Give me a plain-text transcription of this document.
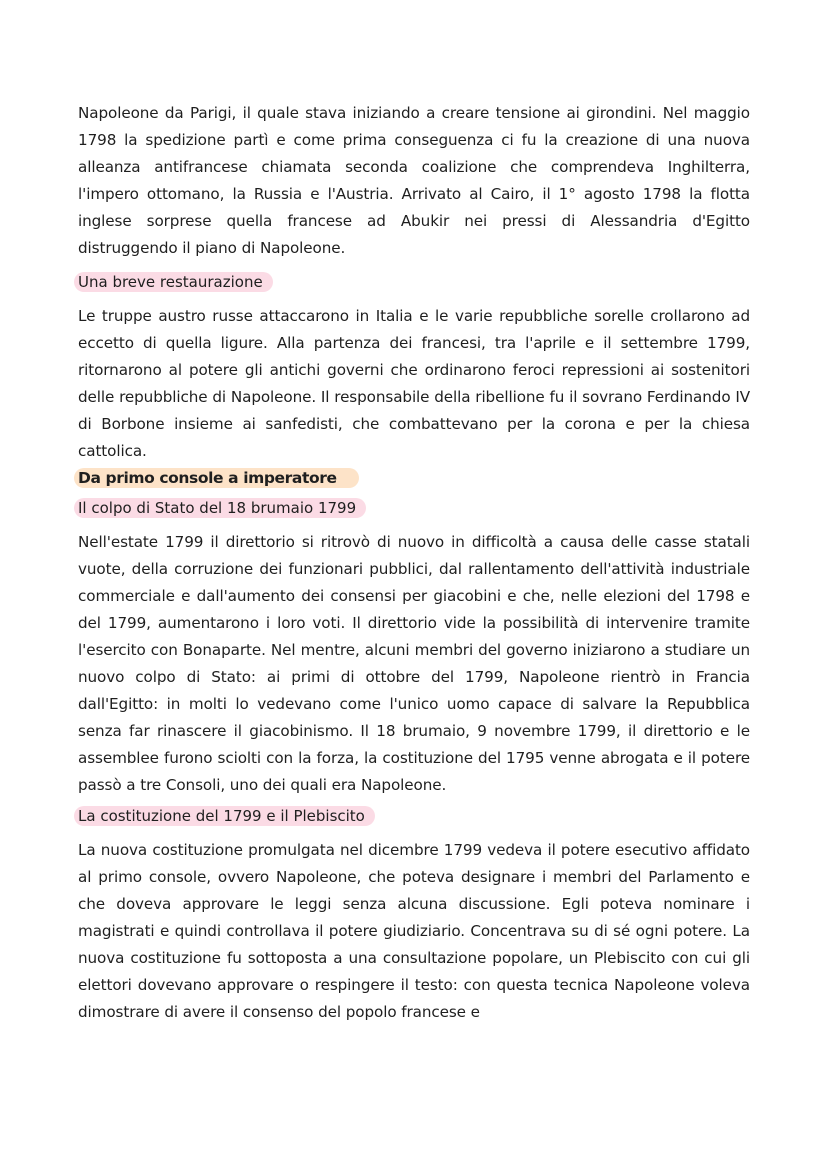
Napoleone da Parigi, il quale stava iniziando a creare tensione ai girondini. Nel maggio 1798 la spedizione partì e come prima conseguenza ci fu la creazione di una nuova alleanza antifrancese chiamata seconda coalizione che comprendeva Inghilterra, l'impero ottomano, la Russia e l'Austria. Arrivato al Cairo, il 1° agosto 1798 la flotta inglese sorprese quella francese ad Abukir nei pressi di Alessandria d'Egitto distruggendo il piano di Napoleone.

Una breve restaurazione

Le truppe austro russe attaccarono in Italia e le varie repubbliche sorelle crollarono ad eccetto di quella ligure. Alla partenza dei francesi, tra l'aprile e il settembre 1799, ritornarono al potere gli antichi governi che ordinarono feroci repressioni ai sostenitori delle repubbliche di Napoleone. Il responsabile della ribellione fu il sovrano Ferdinando IV di Borbone insieme ai sanfedisti, che combattevano per la corona e per la chiesa cattolica.

Da primo console a imperatore
Il colpo di Stato del 18 brumaio 1799

Nell'estate 1799 il direttorio si ritrovò di nuovo in difficoltà a causa delle casse statali vuote, della corruzione dei funzionari pubblici, dal rallentamento dell'attività industriale commerciale e dall'aumento dei consensi per giacobini e che, nelle elezioni del 1798 e del 1799, aumentarono i loro voti. Il direttorio vide la possibilità di intervenire tramite l'esercito con Bonaparte. Nel mentre, alcuni membri del governo iniziarono a studiare un nuovo colpo di Stato: ai primi di ottobre del 1799, Napoleone rientrò in Francia dall'Egitto: in molti lo vedevano come l'unico uomo capace di salvare la Repubblica senza far rinascere il giacobinismo. Il 18 brumaio, 9 novembre 1799, il direttorio e le assemblee furono sciolti con la forza, la costituzione del 1795 venne abrogata e il potere passò a tre Consoli, uno dei quali era Napoleone.

La costituzione del 1799 e il Plebiscito

La nuova costituzione promulgata nel dicembre 1799 vedeva il potere esecutivo affidato al primo console, ovvero Napoleone, che poteva designare i membri del Parlamento e che doveva approvare le leggi senza alcuna discussione. Egli poteva nominare i magistrati e quindi controllava il potere giudiziario. Concentrava su di sé ogni potere. La nuova costituzione fu sottoposta a una consultazione popolare, un Plebiscito con cui gli elettori dovevano approvare o respingere il testo: con questa tecnica Napoleone voleva dimostrare di avere il consenso del popolo francese e
